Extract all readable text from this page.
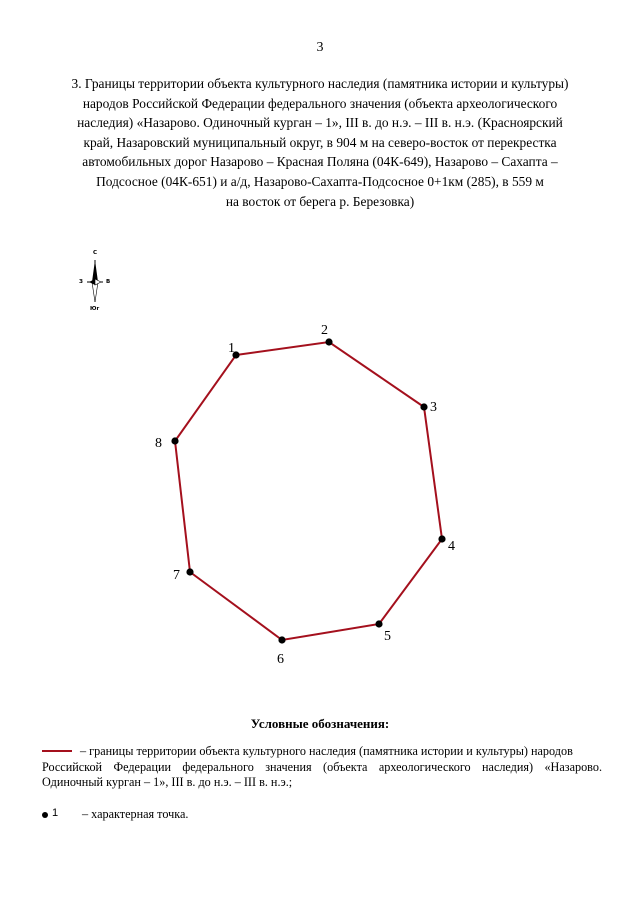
3
3. Границы территории объекта культурного наследия (памятника истории и культуры)
народов Российской Федерации федерального значения (объекта археологического
наследия) «Назарово. Одиночный курган – 1», III в. до н.э. – III в. н.э. (Красноярский
край, Назаровский муниципальный округ, в 904 м на северо-восток от перекрестка
автомобильных дорог Назарово – Красная Поляна (04К-649), Назарово – Сахапта –
Подсосное (04К-651) и а/д, Назарово-Сахапта-Подсосное 0+1км (285), в 559 м
на восток от берега р. Березовка)
С
З	В
Юг
1
2
3
4
5
6
7
8
Условные обозначения:
– границы территории объекта культурного наследия (памятника истории и культуры) народов
Российской Федерации федерального значения (объекта археологического наследия) «Назарово. Одиночный курган – 1», III в. до н.э. – III в. н.э.;
1 – характерная точка.
